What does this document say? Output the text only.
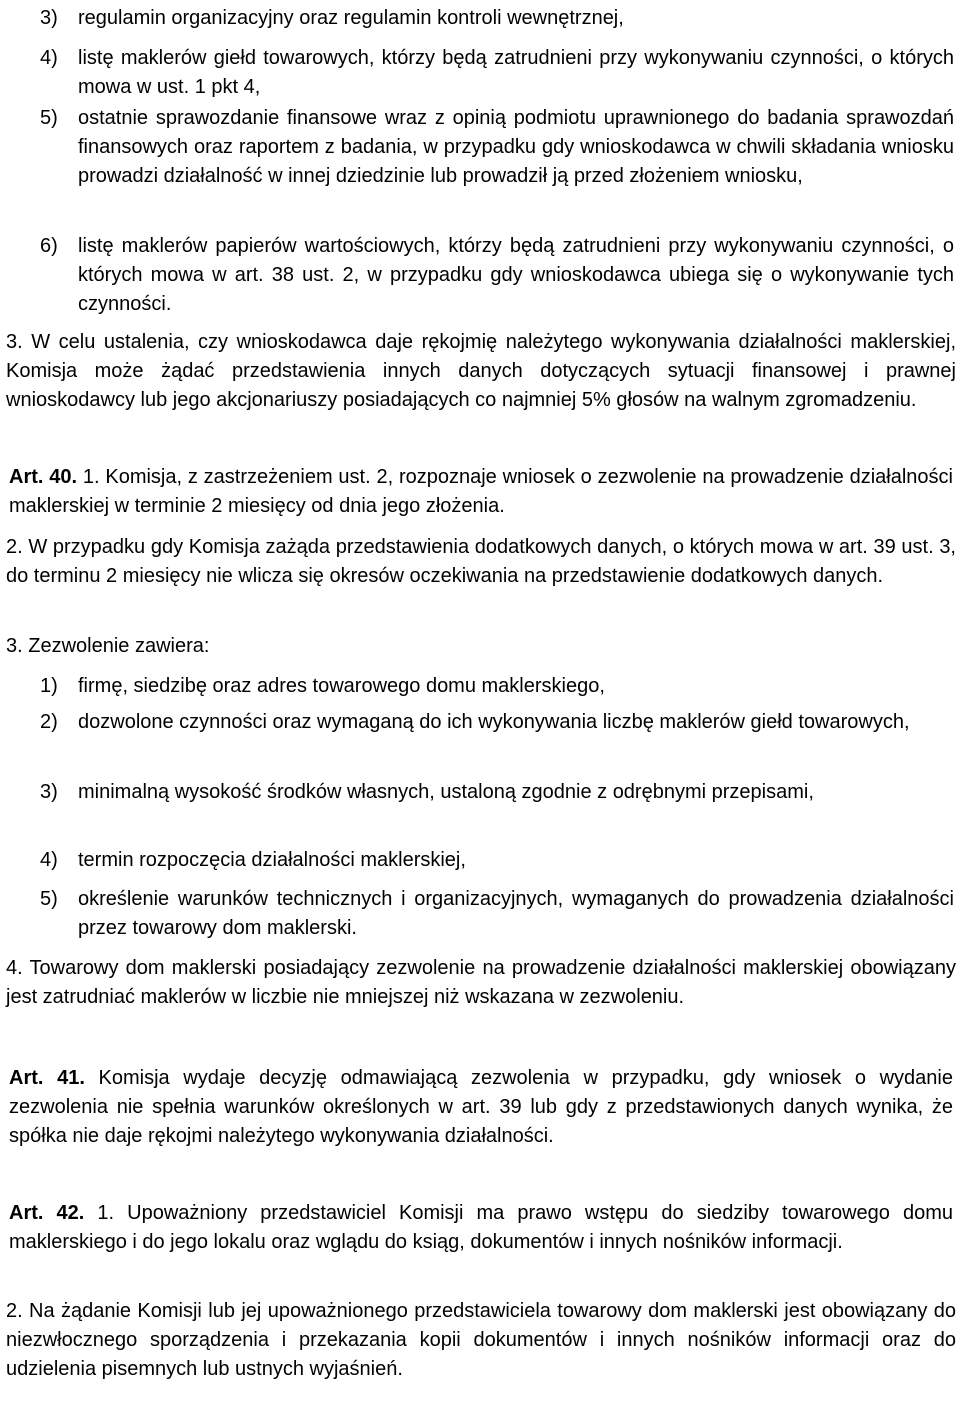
3) regulamin organizacyjny oraz regulamin kontroli wewnętrznej,
4) listę maklerów giełd towarowych, którzy będą zatrudnieni przy wykonywaniu czynności, o których mowa w ust. 1 pkt 4,
5) ostatnie sprawozdanie finansowe wraz z opinią podmiotu uprawnionego do badania sprawozdań finansowych oraz raportem z badania, w przypadku gdy wnioskodawca w chwili składania wniosku prowadzi działalność w innej dziedzinie lub prowadził ją przed złożeniem wniosku,
6) listę maklerów papierów wartościowych, którzy będą zatrudnieni przy wykonywaniu czynności, o których mowa w art. 38 ust. 2, w przypadku gdy wnioskodawca ubiega się o wykonywanie tych czynności.

3. W celu ustalenia, czy wnioskodawca daje rękojmię należytego wykonywania działalności maklerskiej, Komisja może żądać przedstawienia innych danych dotyczących sytuacji finansowej i prawnej wnioskodawcy lub jego akcjonariuszy posiadających co najmniej 5% głosów na walnym zgromadzeniu.

Art. 40. 1. Komisja, z zastrzeżeniem ust. 2, rozpoznaje wniosek o zezwolenie na prowadzenie działalności maklerskiej w terminie 2 miesięcy od dnia jego złożenia.

2. W przypadku gdy Komisja zażąda przedstawienia dodatkowych danych, o których mowa w art. 39 ust. 3, do terminu 2 miesięcy nie wlicza się okresów oczekiwania na przedstawienie dodatkowych danych.

3. Zezwolenie zawiera:

1) firmę, siedzibę oraz adres towarowego domu maklerskiego,
2) dozwolone czynności oraz wymaganą do ich wykonywania liczbę maklerów giełd towarowych,
3) minimalną wysokość środków własnych, ustaloną zgodnie z odrębnymi przepisami,
4) termin rozpoczęcia działalności maklerskiej,
5) określenie warunków technicznych i organizacyjnych, wymaganych do prowadzenia działalności przez towarowy dom maklerski.

4. Towarowy dom maklerski posiadający zezwolenie na prowadzenie działalności maklerskiej obowiązany jest zatrudniać maklerów w liczbie nie mniejszej niż wskazana w zezwoleniu.

Art. 41. Komisja wydaje decyzję odmawiającą zezwolenia w przypadku, gdy wniosek o wydanie zezwolenia nie spełnia warunków określonych w art. 39 lub gdy z przedstawionych danych wynika, że spółka nie daje rękojmi należytego wykonywania działalności.

Art. 42. 1. Upoważniony przedstawiciel Komisji ma prawo wstępu do siedziby towarowego domu maklerskiego i do jego lokalu oraz wglądu do ksiąg, dokumentów i innych nośników informacji.

2. Na żądanie Komisji lub jej upoważnionego przedstawiciela towarowy dom maklerski jest obowiązany do niezwłocznego sporządzenia i przekazania kopii dokumentów i innych nośników informacji oraz do udzielenia pisemnych lub ustnych wyjaśnień.
